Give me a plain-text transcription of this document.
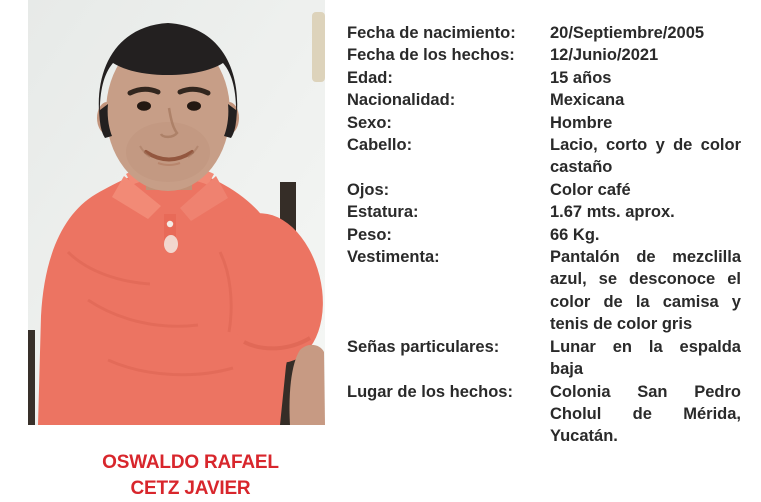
OSWALDO RAFAEL
CETZ JAVIER
Fecha de nacimiento:	20/Septiembre/2005
Fecha de los hechos:	12/Junio/2021
Edad:	15 años
Nacionalidad:	Mexicana
Sexo:	Hombre
Cabello:	Lacio, corto y de color castaño
Ojos:	Color café
Estatura:	1.67 mts. aprox.
Peso:	66 Kg.
Vestimenta:	Pantalón de mezclilla azul, se desconoce el color de la camisa y tenis de color gris
Señas particulares:	Lunar en la espalda baja
Lugar de los hechos:	Colonia San Pedro Cholul de Mérida, Yucatán.
